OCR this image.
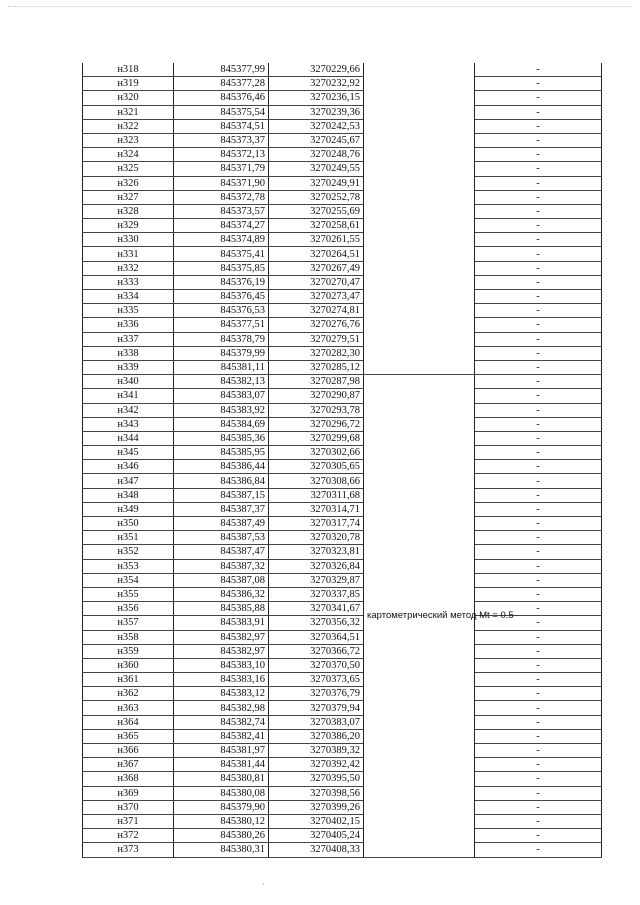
н318	845377,99	3270229,66		-
н319	845377,28	3270232,92		-
н320	845376,46	3270236,15		-
н321	845375,54	3270239,36		-
н322	845374,51	3270242,53		-
н323	845373,37	3270245,67		-
н324	845372,13	3270248,76		-
н325	845371,79	3270249,55		-
н326	845371,90	3270249,91		-
н327	845372,78	3270252,78		-
н328	845373,57	3270255,69		-
н329	845374,27	3270258,61		-
н330	845374,89	3270261,55		-
н331	845375,41	3270264,51		-
н332	845375,85	3270267,49		-
н333	845376,19	3270270,47		-
н334	845376,45	3270273,47		-
н335	845376,53	3270274,81		-
н336	845377,51	3270276,76		-
н337	845378,79	3270279,51		-
н338	845379,99	3270282,30		-
н339	845381,11	3270285,12		-
н340	845382,13	3270287,98	картометрический метод Mt = 0.5	-
н341	845383,07	3270290,87		-
н342	845383,92	3270293,78		-
н343	845384,69	3270296,72		-
н344	845385,36	3270299,68		-
н345	845385,95	3270302,66		-
н346	845386,44	3270305,65		-
н347	845386,84	3270308,66		-
н348	845387,15	3270311,68		-
н349	845387,37	3270314,71		-
н350	845387,49	3270317,74		-
н351	845387,53	3270320,78		-
н352	845387,47	3270323,81		-
н353	845387,32	3270326,84		-
н354	845387,08	3270329,87		-
н355	845386,32	3270337,85		-
н356	845385,88	3270341,67		-
н357	845383,91	3270356,32		-
н358	845382,97	3270364,51		-
н359	845382,97	3270366,72		-
н360	845383,10	3270370,50		-
н361	845383,16	3270373,65		-
н362	845383,12	3270376,79		-
н363	845382,98	3270379,94		-
н364	845382,74	3270383,07		-
н365	845382,41	3270386,20		-
н366	845381,97	3270389,32		-
н367	845381,44	3270392,42		-
н368	845380,81	3270395,50		-
н369	845380,08	3270398,56		-
н370	845379,90	3270399,26		-
н371	845380,12	3270402,15		-
н372	845380,26	3270405,24		-
н373	845380,31	3270408,33		-
·
